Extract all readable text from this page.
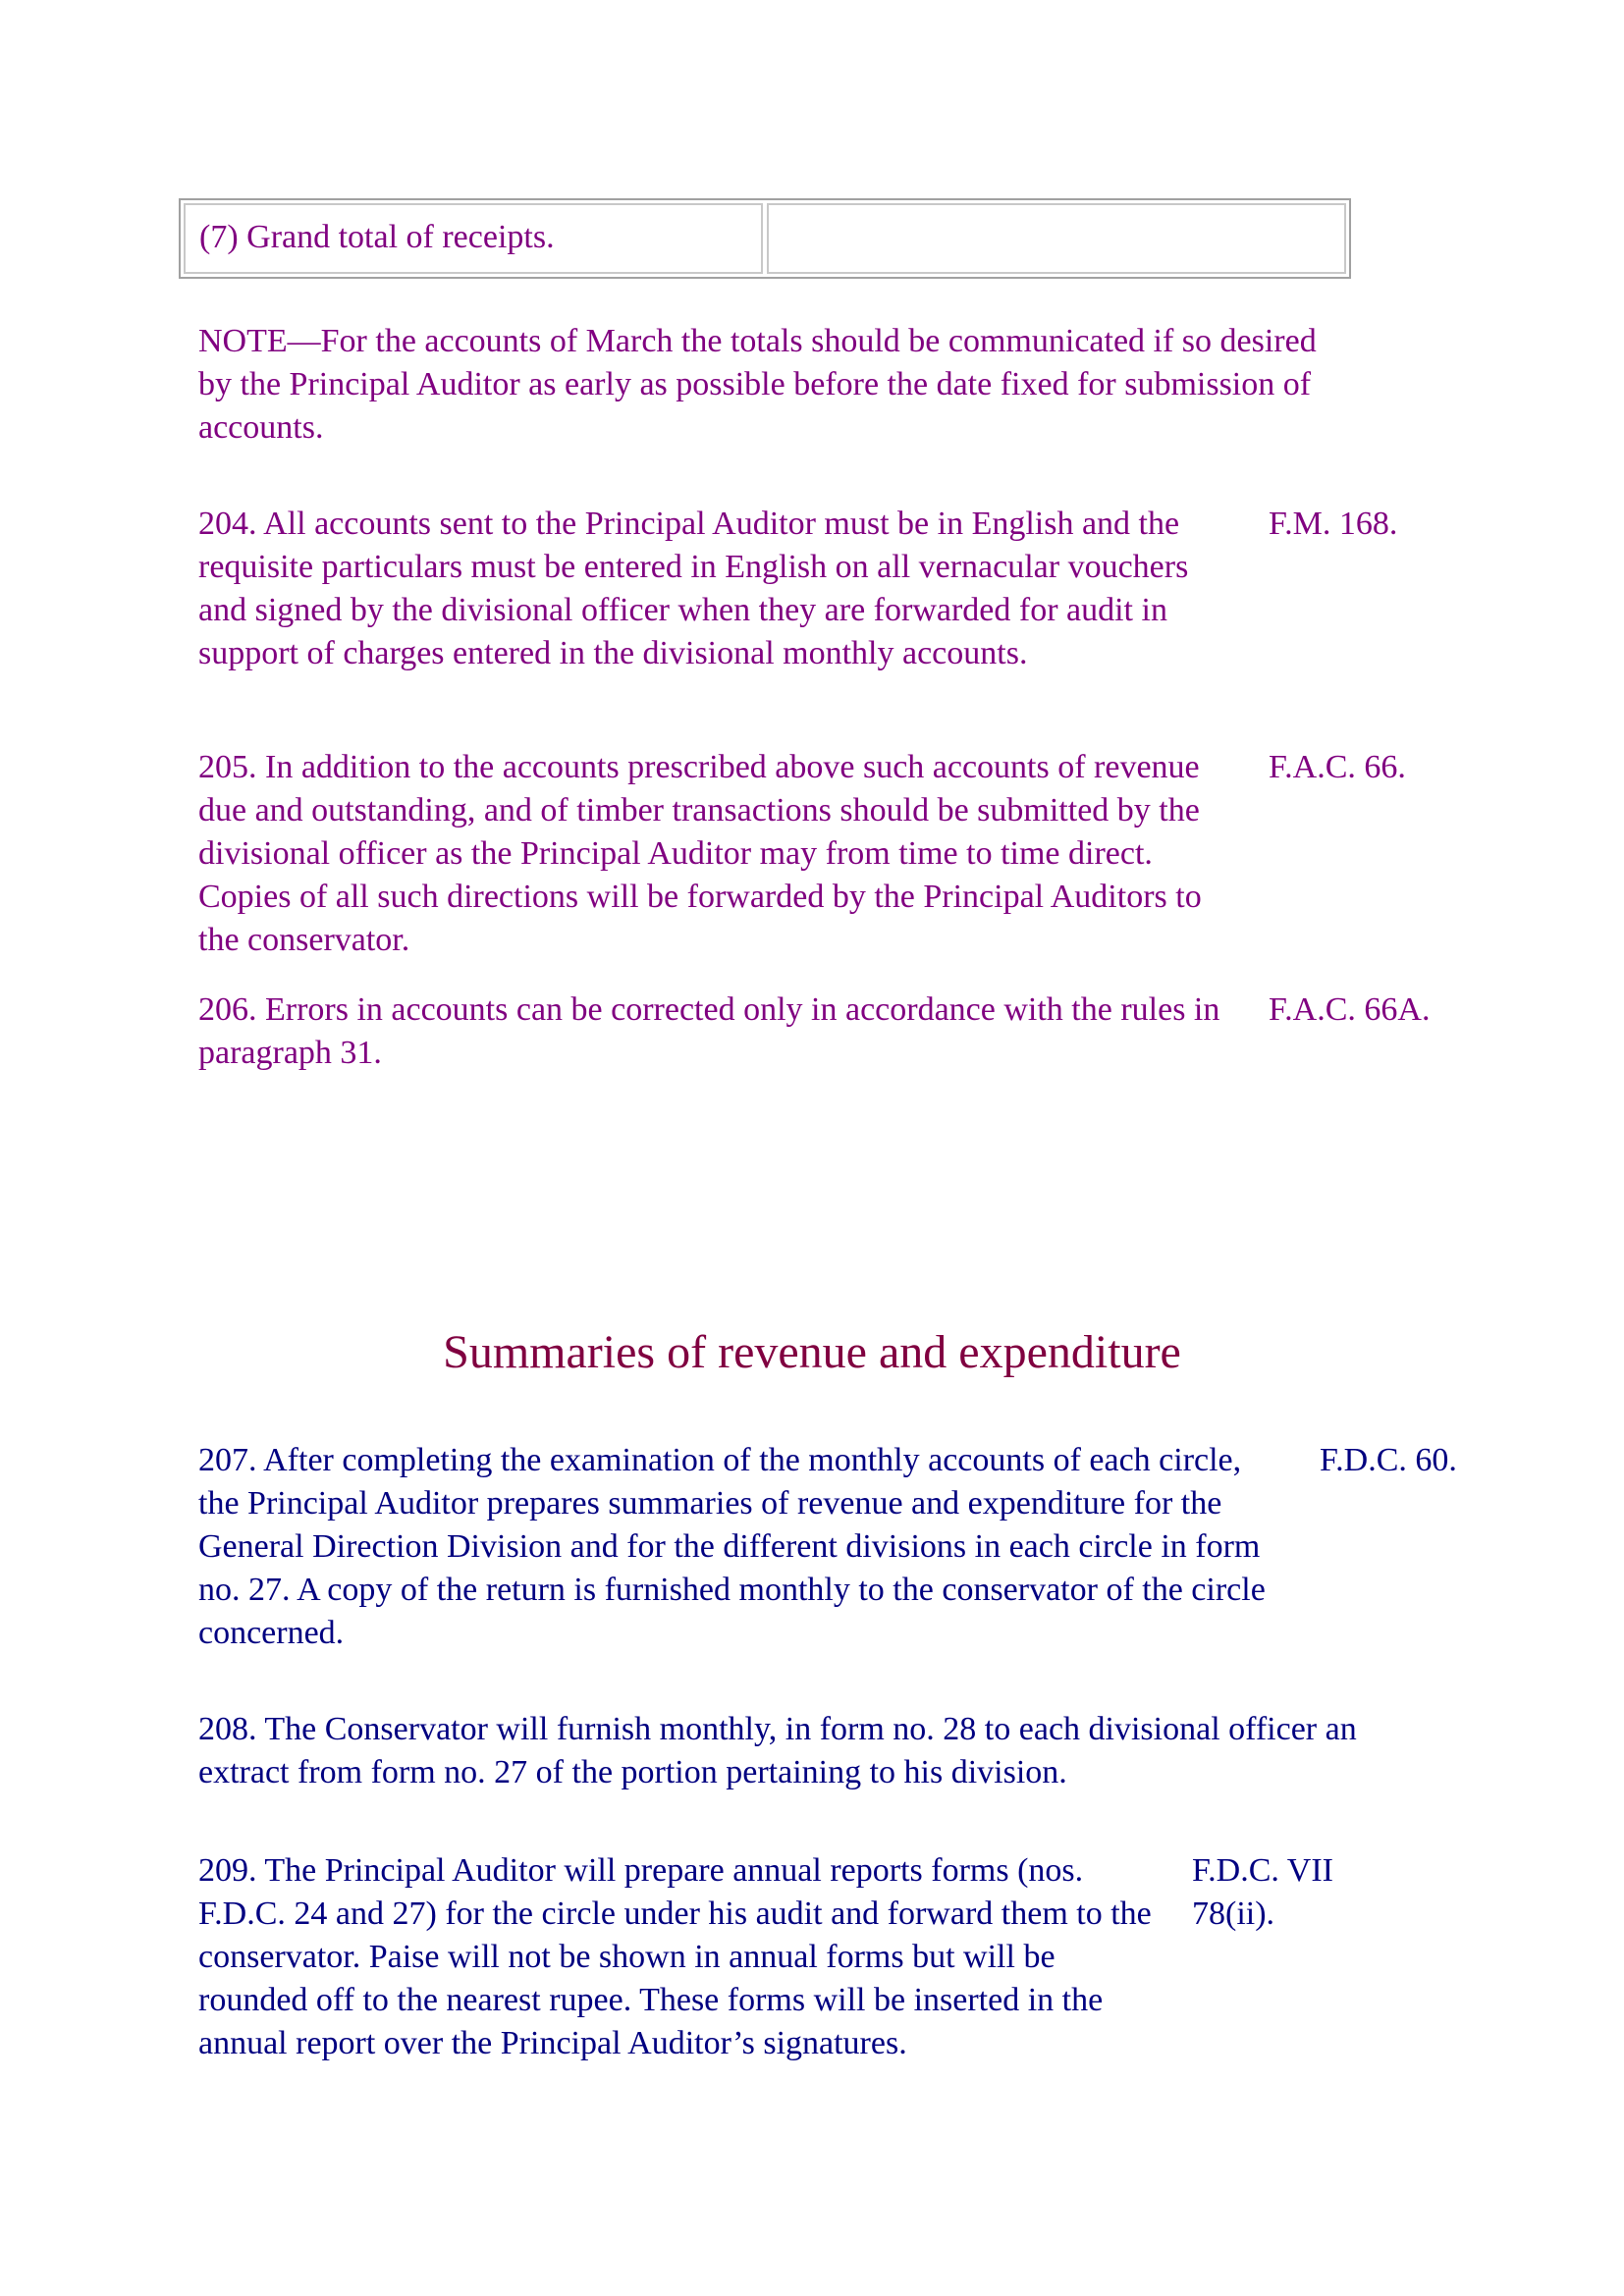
(7) Grand total of receipts.

NOTE—For the accounts of March the totals should be communicated if so desired by the Principal Auditor as early as possible before the date fixed for submission of accounts.

204. All accounts sent to the Principal Auditor must be in English and the requisite particulars must be entered in English on all vernacular vouchers and signed by the divisional officer when they are forwarded for audit in support of charges entered in the divisional monthly accounts.

F.M. 168.

205. In addition to the accounts prescribed above such accounts of revenue due and outstanding, and of timber transactions should be submitted by the divisional officer as the Principal Auditor may from time to time direct. Copies of all such directions will be forwarded by the Principal Auditors to the conservator.

F.A.C. 66.

206. Errors in accounts can be corrected only in accordance with the rules in paragraph 31.

F.A.C. 66A.

Summaries of revenue and expenditure

207. After completing the examination of the monthly accounts of each circle, the Principal Auditor prepares summaries of revenue and expenditure for the General Direction Division and for the different divisions in each circle in form no. 27. A copy of the return is furnished monthly to the conservator of the circle concerned.

F.D.C. 60.

208. The Conservator will furnish monthly, in form no. 28 to each divisional officer an extract from form no. 27 of the portion pertaining to his division.

209. The Principal Auditor will prepare annual reports forms (nos. F.D.C. 24 and 27) for the circle under his audit and forward them to the conservator. Paise will not be shown in annual forms but will be rounded off to the nearest rupee. These forms will be inserted in the annual report over the Principal Auditor’s signatures.

F.D.C. VII 78(ii).
